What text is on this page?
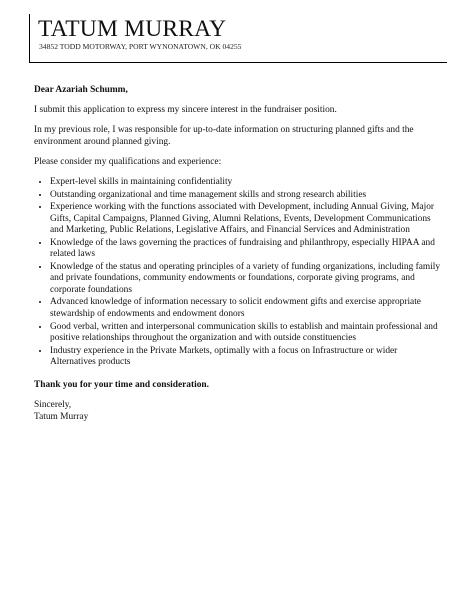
TATUM MURRAY
34852 TODD MOTORWAY, PORT WYNONATOWN, OK 04255
Dear Azariah Schumm,

I submit this application to express my sincere interest in the fundraiser position.

In my previous role, I was responsible for up-to-date information on structuring planned gifts and the environment around planned giving.

Please consider my qualifications and experience:

• Expert-level skills in maintaining confidentiality
• Outstanding organizational and time management skills and strong research abilities
• Experience working with the functions associated with Development, including Annual Giving, Major Gifts, Capital Campaigns, Planned Giving, Alumni Relations, Events, Development Communications and Marketing, Public Relations, Legislative Affairs, and Financial Services and Administration
• Knowledge of the laws governing the practices of fundraising and philanthropy, especially HIPAA and related laws
• Knowledge of the status and operating principles of a variety of funding organizations, including family and private foundations, community endowments or foundations, corporate giving programs, and corporate foundations
• Advanced knowledge of information necessary to solicit endowment gifts and exercise appropriate stewardship of endowments and endowment donors
• Good verbal, written and interpersonal communication skills to establish and maintain professional and positive relationships throughout the organization and with outside constituencies
• Industry experience in the Private Markets, optimally with a focus on Infrastructure or wider Alternatives products
Thank you for your time and consideration.
Sincerely,
Tatum Murray
